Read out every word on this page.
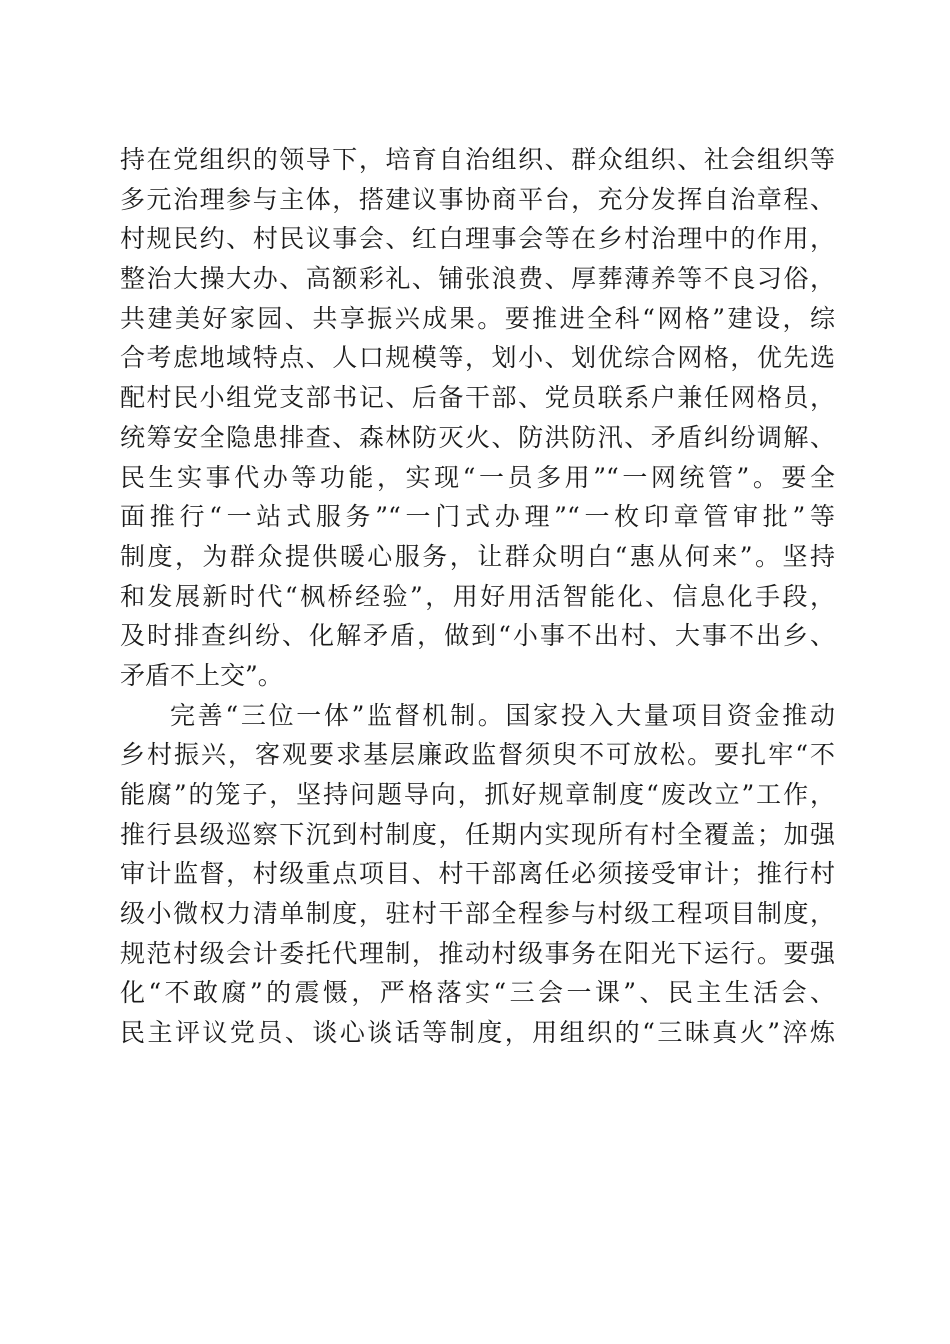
持在党组织的领导下，培育自治组织、群众组织、社会组织等
多元治理参与主体，搭建议事协商平台，充分发挥自治章程、
村规民约、村民议事会、红白理事会等在乡村治理中的作用，
整治大操大办、高额彩礼、铺张浪费、厚葬薄养等不良习俗，
共建美好家园、共享振兴成果。要推进全科“网格”建设，综
合考虑地域特点、人口规模等，划小、划优综合网格，优先选
配村民小组党支部书记、后备干部、党员联系户兼任网格员，
统筹安全隐患排查、森林防灭火、防洪防汛、矛盾纠纷调解、
民生实事代办等功能，实现“一员多用”“一网统管”。要全
面推行“一站式服务”“一门式办理”“一枚印章管审批”等
制度，为群众提供暖心服务，让群众明白“惠从何来”。坚持
和发展新时代“枫桥经验”，用好用活智能化、信息化手段，
及时排查纠纷、化解矛盾，做到“小事不出村、大事不出乡、
矛盾不上交”。
完善“三位一体”监督机制。国家投入大量项目资金推动
乡村振兴，客观要求基层廉政监督须臾不可放松。要扎牢“不
能腐”的笼子，坚持问题导向，抓好规章制度“废改立”工作，
推行县级巡察下沉到村制度，任期内实现所有村全覆盖；加强
审计监督，村级重点项目、村干部离任必须接受审计；推行村
级小微权力清单制度，驻村干部全程参与村级工程项目制度，
规范村级会计委托代理制，推动村级事务在阳光下运行。要强
化“不敢腐”的震慑，严格落实“三会一课”、民主生活会、
民主评议党员、谈心谈话等制度，用组织的“三昧真火”淬炼
